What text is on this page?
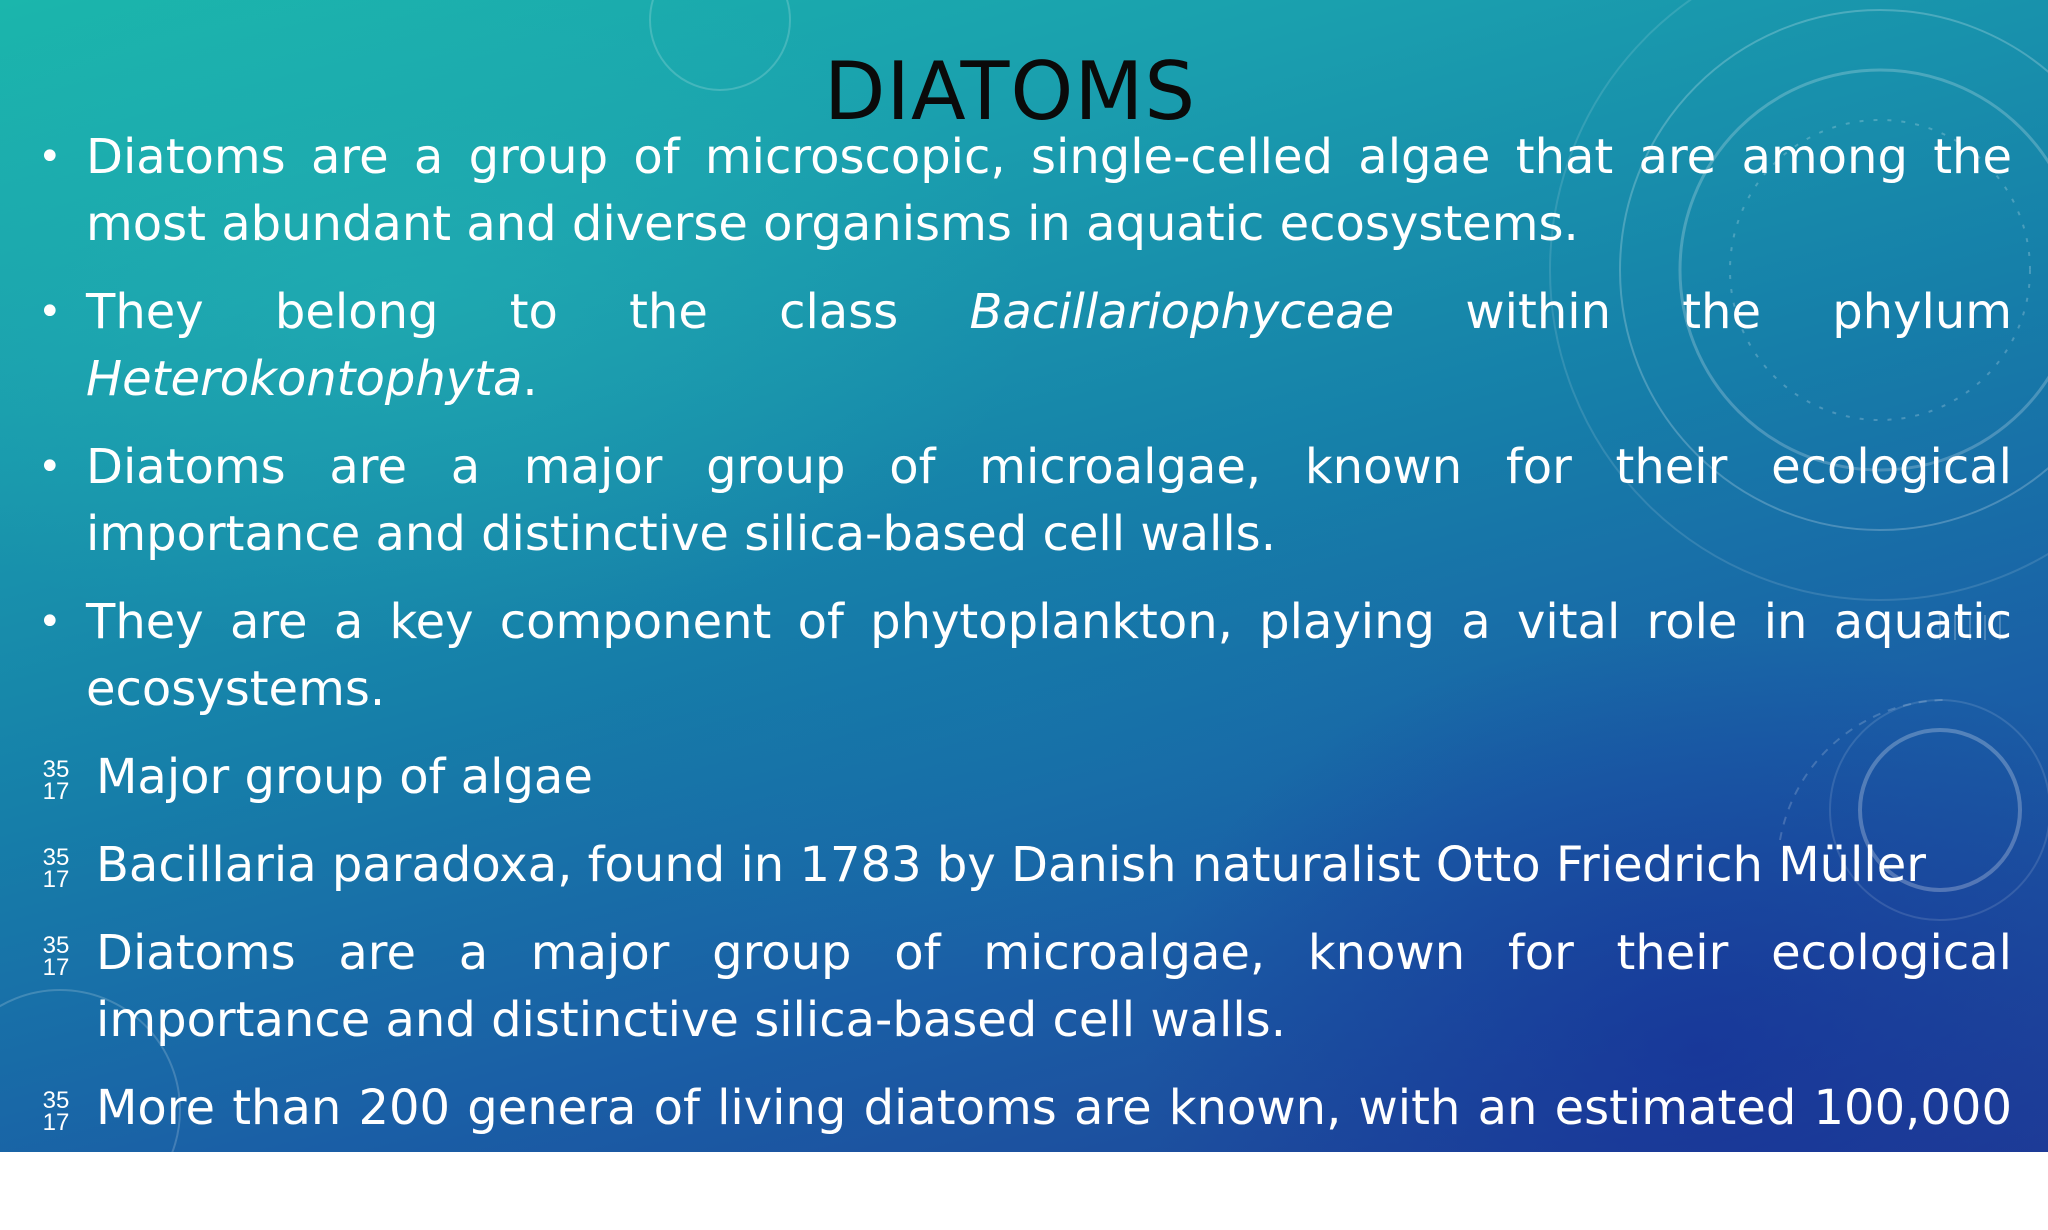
DIATOMS
• Diatoms are a group of microscopic, single-celled algae that are among the most abundant and diverse organisms in aquatic ecosystems.
• They belong to the class Bacillariophyceae within the phylum Heterokontophyta.
• Diatoms are a major group of microalgae, known for their ecological importance and distinctive silica-based cell walls.
• They are a key component of phytoplankton, playing a vital role in aquatic ecosystems.
35
17 Major group of algae
35
17 Bacillaria paradoxa, found in 1783 by Danish naturalist Otto Friedrich Müller
35
17 Diatoms are a major group of microalgae, known for their ecological importance and distinctive silica-based cell walls.
35
17 More than 200 genera of living diatoms are known, with an estimated 100,000 unknown species.
